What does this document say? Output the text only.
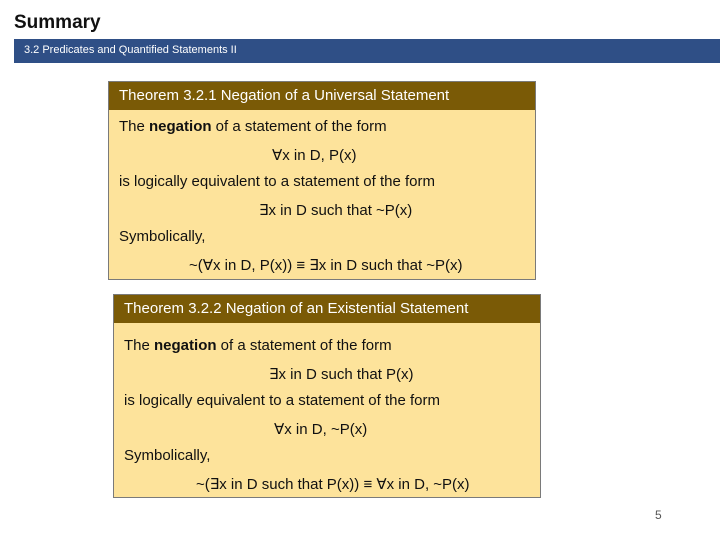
Summary
3.2 Predicates and Quantified Statements II
Theorem 3.2.1 Negation of a Universal Statement
The negation of a statement of the form
∀x in D, P(x)
is logically equivalent to a statement of the form
∃x in D such that ~P(x)
Symbolically,
~(∀x in D, P(x)) ≡ ∃x in D such that ~P(x)
Theorem 3.2.2 Negation of an Existential Statement
The negation of a statement of the form
∃x in D such that P(x)
is logically equivalent to a statement of the form
∀x in D, ~P(x)
Symbolically,
~(∃x in D such that P(x)) ≡ ∀x in D, ~P(x)
5
